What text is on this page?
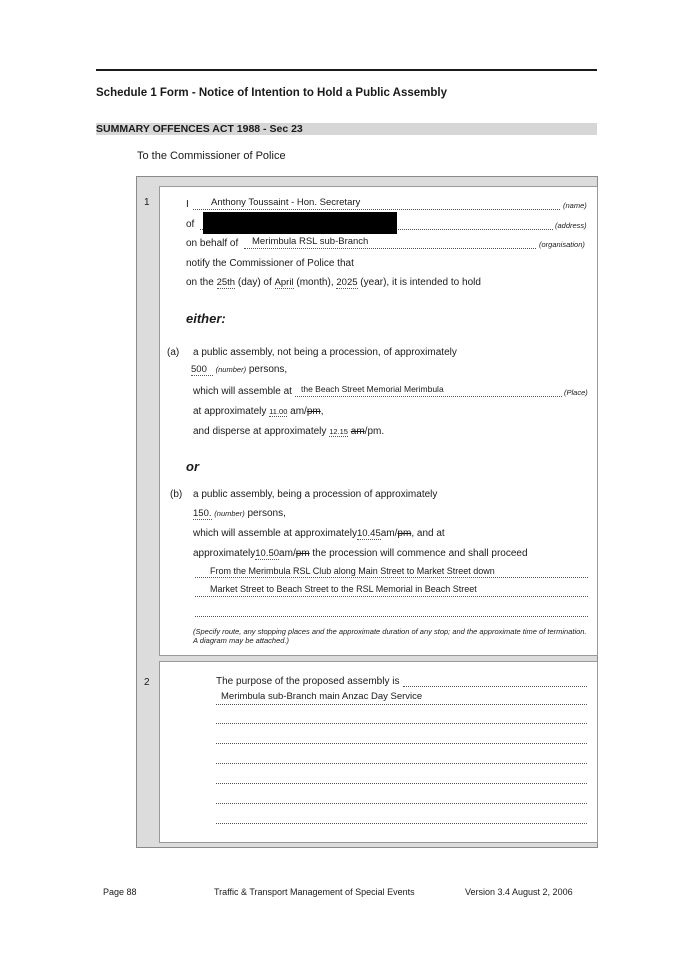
Schedule 1 Form - Notice of Intention to Hold a Public Assembly
SUMMARY OFFENCES ACT 1988 - Sec 23
To the Commissioner of Police
1	I Anthony Toussaint - Hon. Secretary	(name)
of	(address)
on behalf of Merimbula RSL sub-Branch	(organisation)
notify the Commissioner of Police that
on the 25th (day) of April (month), 2025 (year), it is intended to hold
either:
(a) a public assembly, not being a procession, of approximately
500 (number) persons,
which will assemble at the Beach Street Memorial Merimbula	(Place)
at approximately 11.00 am/pm,
and disperse at approximately 12.15 am/pm.
or
(b) a public assembly, being a procession of approximately
150. (number) persons,
which will assemble at approximately10.45am/pm, and at
approximately10.50am/pm the procession will commence and shall proceed
From the Merimbula RSL Club along Main Street to Market Street down
Market Street to Beach Street to the RSL Memorial in Beach Street
(Specify route, any stopping places and the approximate duration of any stop; and the approximate time of termination. A diagram may be attached.)
2	The purpose of the proposed assembly is
Merimbula sub-Branch main Anzac Day Service
Page 88	Traffic & Transport Management of Special Events	Version 3.4 August 2, 2006
